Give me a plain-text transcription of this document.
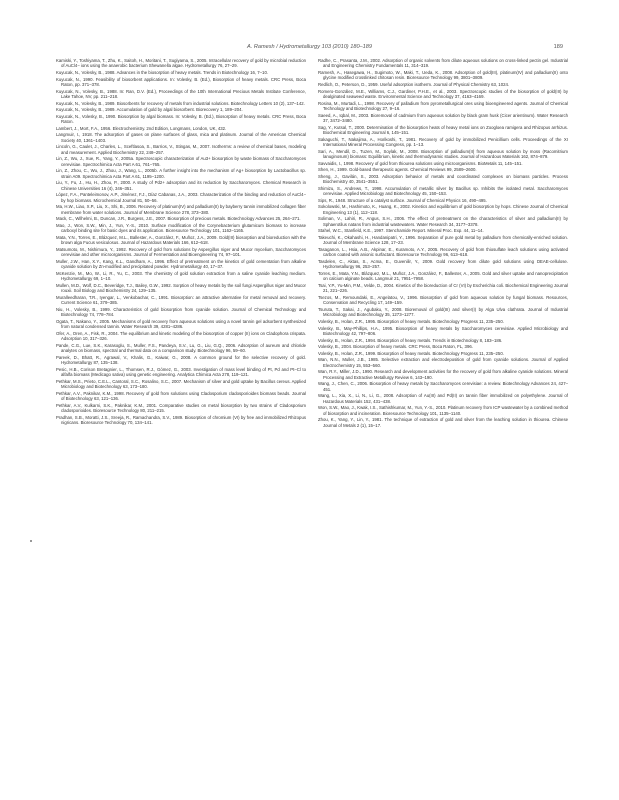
A. Ramesh / Hydrometallurgy 103 (2010) 180–189	189

Kamiski, Y., Toshiyama, T., Zhu, K., Saitoh, H., Moritani, T., Sugiyama, S., 2005. Intracellular recovery of gold by microbial reduction of AuCl4− ions using the anaerobic bacterium Shewanella algae. Hydrometallurgy 76, 27–29.

Kuyucak, N., Volesky, B., 1988. Advances in the biosorption of heavy metals. Trends in Biotechnology 16, 7–10.

Kuyucak, N., 1990. Feasibility of biosorbent applications. In: Volesky, B. (Ed.), Biosorption of heavy metals. CRC Press, Boca Raton, pp. 371–378.

Kuyucak, N., Volesky, B., 1988. In: Ran, D.V. (Ed.), Proceedings of the 10th International Precious Metals Institute Conference, Lake Tahoe, NV, pp. 211–218.

Kuyucak, N., Volesky, B., 1989. Biosorbents for recovery of metals from industrial solutions. Biotechnology Letters 10 (2), 137–142.

Kuyucak, N., Volesky, B., 1989. Accumulation of gold by algal biosorbent. Biorecovery 1, 189–204.

Kuyucak, N., Volesky, B., 1990. Biosorption by algal biomass. In: Volesky, B. (Ed.), Biosorption of heavy metals. CRC Press, Boca Raton.

Lambert, J., Mort, F.A., 1956. Electrochemistry. 2nd Edition, Longmans, London, UK, 432.

Langmuir, I., 1918. The adsorption of gases on plane surfaces of glass, mica and platinum. Journal of the American Chemical Society 40, 1361–1403.

Lincoln, G., Caulet, J., Charles, L., Sceftlasoa, S., Barrios, V., Stingas, M., 2007. Isotherms: a review of chemical bases, modeling and measurement. Applied Biochemistry 22, 248–257.

Lin, Z., Wu, J., Xue, R., Yang, Y., 2005a. Spectroscopic characterization of Au3+ biosorption by waste biomass of Saccharomyces cerevisiae. Spectrochimica Acta Part A 61, 761–765.

Lin, Z., Zhou, C., Wu, J., Zhou, J., Wang, L., 2005b. A further insight into the mechanism of Ag+ biosorption by Lactobacillus sp. strain A09. Spectrochimica Acta Part A 61, 1195–1200.

Liu, Y., Fu, J., Hu, H., Zhou, P., 2000. A study of Pd2+ adsorption and its reduction by Saccharomyces. Chemical Research in Chinese Universities 16 (4), 346–351.

López, F.A., Panteleimonov, A.P., Jiménez, F.J., Díaz Cabanas, J.A., 2003. Characterization of the binding and reduction of AuCl4− by hop biomass. Microchemical Journal 81, 50–56.

Ma, H.W., Liao, X.P., Liu, X., Shi, B., 2006. Recovery of platinum(IV) and palladium(II) by bayberry tannin immobilized collagen fiber membrane from water solutions. Journal of Membrane Science 278, 373–380.

Mack, C., Wilhelmi, B., Duncan, J.R., Burgess, J.E., 2007. Biosorption of precious metals. Biotechnology Advances 25, 264–271.

Mao, J., Won, S.W., Min, J., Yun, Y.-S., 2010. Surface modification of the Corynebacterium glutamicum biomass to increase carboxyl binding site for basic dyes and its application. Bioresource Technology 101, 1162–1165.

Mata, Y.N., Torres, E., Blázquez, M.L., Ballester, A., González, F., Muñoz, J.A., 2009. Gold(III) biosorption and bioreduction with the brown alga Fucus vesiculosus. Journal of Hazardous Materials 166, 612–618.

Matsumoto, M., Nishimura, Y., 1992. Recovery of gold from solutions by Aspergillus niger and Mucor mycelium, Saccharomyces cerevisiae and other microorganisms. Journal of Fermentation and Bioengineering 74, 97–101.

Muller, J.W., Han, X.Y., Kang, K.L., Gandham, A., 1996. Effect of pretreatment on the kinetics of gold cementation from alkaline cyanide solution by Zn-modified and precipitated powder. Hydrometallurgy 40, 17–37.

McKenzie, M., Mo, W., Li, R., Yu, C., 2003. The chemistry of gold solution extraction from a saline cyanide leaching medium. Hydrometallurgy 69, 1–10.

Mullen, M.D., Wolf, D.C., Beveridge, T.J., Bailey, G.W., 1992. Sorption of heavy metals by the soil fungi Aspergillus niger and Mucor rouxii. Soil Biology and Biochemistry 24, 129–135.

Muralleedharan, T.R., Iyengar, L., Venkobachar, C., 1991. Biosorption: an attractive alternative for metal removal and recovery. Current Science 61, 379–385.

Niu, H., Volesky, B., 1999. Characteristics of gold biosorption from cyanide solution. Journal of Chemical Technology and Biotechnology 74, 778–784.

Ogata, T., Nakano, Y., 2005. Mechanisms of gold recovery from aqueous solutions using a novel tannin gel adsorbent synthesized from natural condensed tannin. Water Research 39, 4281–4286.

Ofer, A., Oren, A., Fisk, R., 2004. The equilibrium and kinetic modeling of the biosorption of copper (II) ions on Cladophora crispata. Adsorption 10, 317–326.

Pande, C.G., Lue, S.K., Karasoglu, S., Muller, F.S., Pandeya, S.V., Lu, G., Liu, G.Q., 2006. Adsorption of aureum and chloride analytes on biomass, spectral and thermal data on a comparison study. Biotechnology 96, 59–60.

Pareek, D., Bhatt, R., Agrawal, V., Khalis, G., Kaiwar, G., 2008. A common ground for the selective recovery of gold. Hydrometallurgy 87, 135–138.

Pesic, H.B., Corison Bretagnier, L., Thomsen, R.J., Gómez, G., 2003. Investigation of mass level binding of Pt, Pd and Pt–Cl to alfalfa biomass (Medicago sativa) using genetic engineering. Analytica Chimica Acta 278, 119–121.

Pethkar, M.S., Prieto, C.E.L., Cantoral, S.C., Rosalino, S.C., 2007. Mechanism of silver and gold uptake by Bacillus cereus. Applied Microbiology and Biotechnology 63, 173–180.

Pethkar, A.V., Paknikar, K.M., 1998. Recovery of gold from solutions using Cladosporium cladosporioides biomass beads. Journal of Biotechnology 63, 121–136.

Pethkar, A.V., Kulkarni, S.K., Paknikar, K.M., 2001. Comparative studies on metal biosorption by two strains of Cladosporium cladosporioides. Bioresource Technology 80, 211–215.

Pradhan, S.B., Moratti, J.S., Sreeja, R., Ramachandra, S.V., 1989. Biosorption of chromium (VI) by free and immobilized Rhizopus nigricans. Bioresource Technology 70, 134–141.

Radhe, C., Prasanta, J.M., 2002. Adsorption of organic solvents from dilute aqueous solutions on cross-linked pectin gel. Industrial and Engineering Chemistry Fundamentals 11, 314–319.

Ramesh, A., Hasegawa, H., Sugimoto, W., Maki, T., Ueda, K., 2008. Adsorption of gold(III), platinum(IV) and palladium(II) onto glycine modified crosslinked chitosan resin. Bioresource Technology 99, 3801–3809.

Redlich, O., Peterson, D., 1959. Useful adsorption isotherm. Journal of Physical Chemistry 63, 1024.

Romero-González, M.E., Williams, C.J., Gardiner, P.H.E., et al., 2003. Spectroscopic studies of the biosorption of gold(III) by dealginated seaweed waste. Environmental Science and Technology 37, 4163–4169.

Rosina, M., Murtadi, L., 1998. Recovery of palladium from pyrometallurgical ores using bioengineered agents. Journal of Chemical Technology and Biotechnology 27, 9–16.

Saeed, A., Iqbal, M., 2003. Bioremoval of cadmium from aqueous solution by black gram husk (Cicer arientinum). Water Research 37, 3472–3480.

Sag, Y., Kutsal, T., 2000. Determination of the biosorption heats of heavy metal ions on Zoogloea ramigera and Rhizopus arrhizus. Biochemical Engineering Journal 6, 145–151.

Sakaguchi, T., Nakajima, A., Horikoshi, T., 1981. Recovery of gold by immobilized Penicillium cells. Proceedings of the XI International Mineral Processing Congress, pp. 1–13.

Sari, A., Mendil, D., Tuzen, M., Soylak, M., 2008. Biosorption of palladium(II) from aqueous solution by moss (Racomitrium lanuginosum) biomass: Equilibrium, kinetic and thermodynamic studies. Journal of Hazardous Materials 162, 874–879.

Savvaidis, I., 1998. Recovery of gold from thiourea solutions using microorganisms. BioMetals 11, 145–151.

Shen, H., 1999. Gold-based therapeutic agents. Chemical Reviews 99, 2589–2600.

Sheng, J., Gavilán, S., 2003. Adsorption behavior of metals and coordinated complexes on biomass particles. Process Biochemistry 40, 3541–3551.

Shimizu, S., Andrews, T., 1998. Accumulation of metallic silver by Bacillus sp. Inhibits the isolated metal. Saccharomyces cerevisiae. Applied Microbiology and Biotechnology 45, 150–153.

Sips, R., 1948. Structure of a catalyst surface. Journal of Chemical Physics 16, 490–495.

Sokolowski, M., Hashimoto, K., Huang, K., 2002. Kinetics and equilibrium of gold biosorption by hops. Chinese Journal of Chemical Engineering 13 (1), 112–118.

Soliman, V., Lahiri, R., Angus, S.H., 2006. The effect of pretreatment on the characteristics of silver and palladium(II) by Sphaerotilus natans from industrial wastewaters. Water Research 34, 3177–3378.

Stahel, W.C., Stanfield, K.E., 1997. Stenchamide Report. Mineral Proc. Exp. 44, 11–14.

Takeuchi, K., Okahashi, H., Handanipatri, Y., 1996. Separation of pure gold metal by palladium from chemically-enriched solution. Journal of Membrane Science 128, 17–23.

Tasaganon, L., Hsia, A.B., Akpinar, E., Kuramoto, A.Y., 2005. Recovery of gold from thiosulfate leach solutions using activated carbon coated with anionic surfactant. Bioresource Technology 96, 613–618.

Tasdelen, C., Aktas, S., Acma, E., Guvenilir, Y., 2009. Gold recovery from dilute gold solutions using DEAE-cellulose. Hydrometallurgy 96, 253–257.

Torres, E., Mata, Y.N., Blázquez, M.L., Muñoz, J.A., González, F., Ballester, A., 2005. Gold and silver uptake and nanoprecipitation on calcium alginate beads. Langmuir 21, 7951–7958.

Tsai, Y.P., Yu-Min, P.M., Velde, D., 2004. Kinetics of the bioreduction of Cr (VI) by Escherichia coli. Biochemical Engineering Journal 21, 221–226.

Tsezos, M., Remoundaki, E., Angelatou, V., 1996. Biosorption of gold from aqueous solution by fungal biomass. Resources, Conservation and Recycling 17, 149–159.

Tsuruta, T., Sakai, J., Agubaku, Y., 2008. Bioremoval of gold(III) and silver(I) by Alga Ulva clathrata. Journal of Industrial Microbiology and Biotechnology 35, 1273–1277.

Volesky, B., Holan, Z.R., 1995. Biosorption of heavy metals. Biotechnology Progress 11, 235–250.

Volesky, B., May-Phillips, H.A., 1995. Biosorption of heavy metals by Saccharomyces cerevisiae. Applied Microbiology and Biotechnology 42, 797–806.

Volesky, B., Holan, Z.R., 1994. Biosorption of heavy metals. Trends in Biotechnology 8, 183–186.

Volesky, B., 2004. Biosorption of heavy metals. CRC Press, Boca Raton, FL, 396.

Volesky, B., Holan, Z.R., 1999. Biosorption of heavy metals. Biotechnology Progress 11, 235–250.

Wan, N.N., Muller, J.B., 1985. Selective extraction and electrodeposition of gold from cyanide solutions. Journal of Applied Electrochemistry 15, 553–560.

Wan, R.Y., Miller, J.D., 1990. Research and development activities for the recovery of gold from alkaline cyanide solutions. Mineral Processing and Extractive Metallurgy Review 6, 143–190.

Wang, J., Chen, C., 2006. Biosorption of heavy metals by Saccharomyces cerevisiae: a review. Biotechnology Advances 24, 427–451.

Wang, L., Xia, X., Li, N., Li, G., 2008. Adsorption of Au(III) and Pd(II) on tannin fiber immobilized on polyethylene. Journal of Hazardous Materials 152, 431–438.

Won, S.W., Mao, J., Kwak, I.S., Sathishkumar, M., Yun, Y.-S., 2010. Platinum recovery from ICP wastewater by a combined method of biosorption and incineration. Bioresource Technology 101, 1135–1140.

Zhou, K., Yang, Y., Lin, Y., 1981. The technique of extraction of gold and silver from the leaching solution in thiourea. Chinese Journal of Metals 2 (1), 15–17.
